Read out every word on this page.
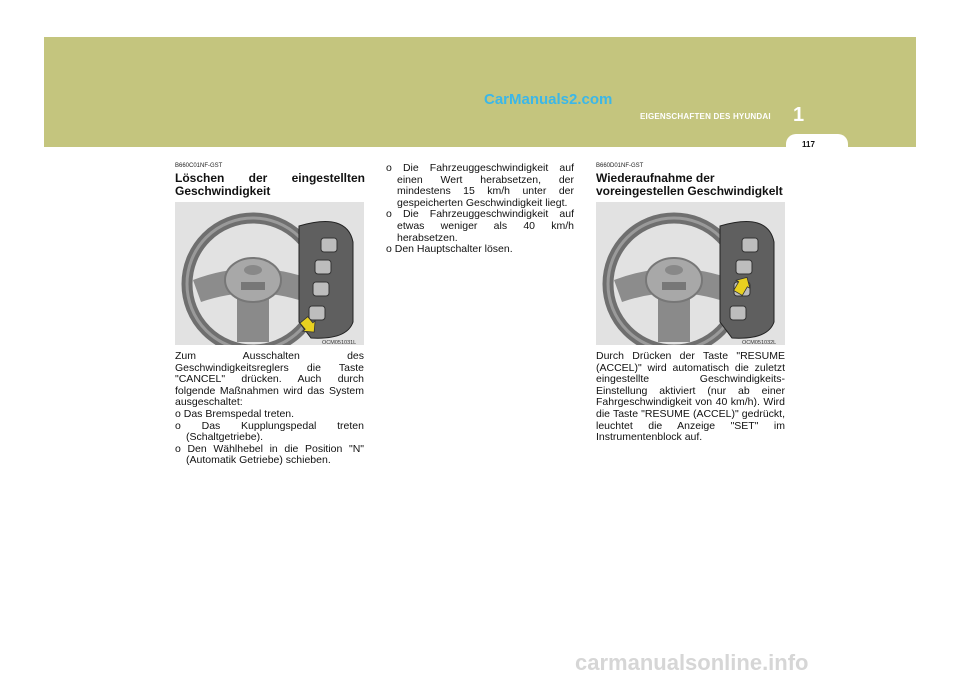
CarManuals2.com
EIGENSCHAFTEN DES HYUNDAI 1
117
B660C01NF-GST
Löschen der eingestellten Geschwindigkeit
OCM051031L

Zum Ausschalten des Geschwindigkeitsreglers die Taste "CANCEL" drücken. Auch durch folgende Maßnahmen wird das System ausgeschaltet:

o Das Bremspedal treten.

o Das Kupplungspedal treten (Schaltgetriebe).

o Den Wählhebel in die Position "N" (Automatik Getriebe) schieben.

o Die Fahrzeuggeschwindigkeit auf einen Wert herabsetzen, der mindestens 15 km/h unter der gespeicherten Geschwindigkeit liegt.

o Die Fahrzeuggeschwindigkeit auf etwas weniger als 40 km/h herabsetzen.

o Den Hauptschalter lösen.

B660D01NF-GST
Wiederaufnahme der voreingestellen Geschwindigkelt
OCM051032L

Durch Drücken der Taste "RESUME (ACCEL)" wird automatisch die zuletzt eingestellte Geschwindigkeits-Einstellung aktiviert (nur ab einer Fahrgeschwindigkeit von 40 km/h). Wird die Taste "RESUME (ACCEL)" gedrückt, leuchtet die Anzeige "SET" im Instrumentenblock auf.

carmanualsonline.info
